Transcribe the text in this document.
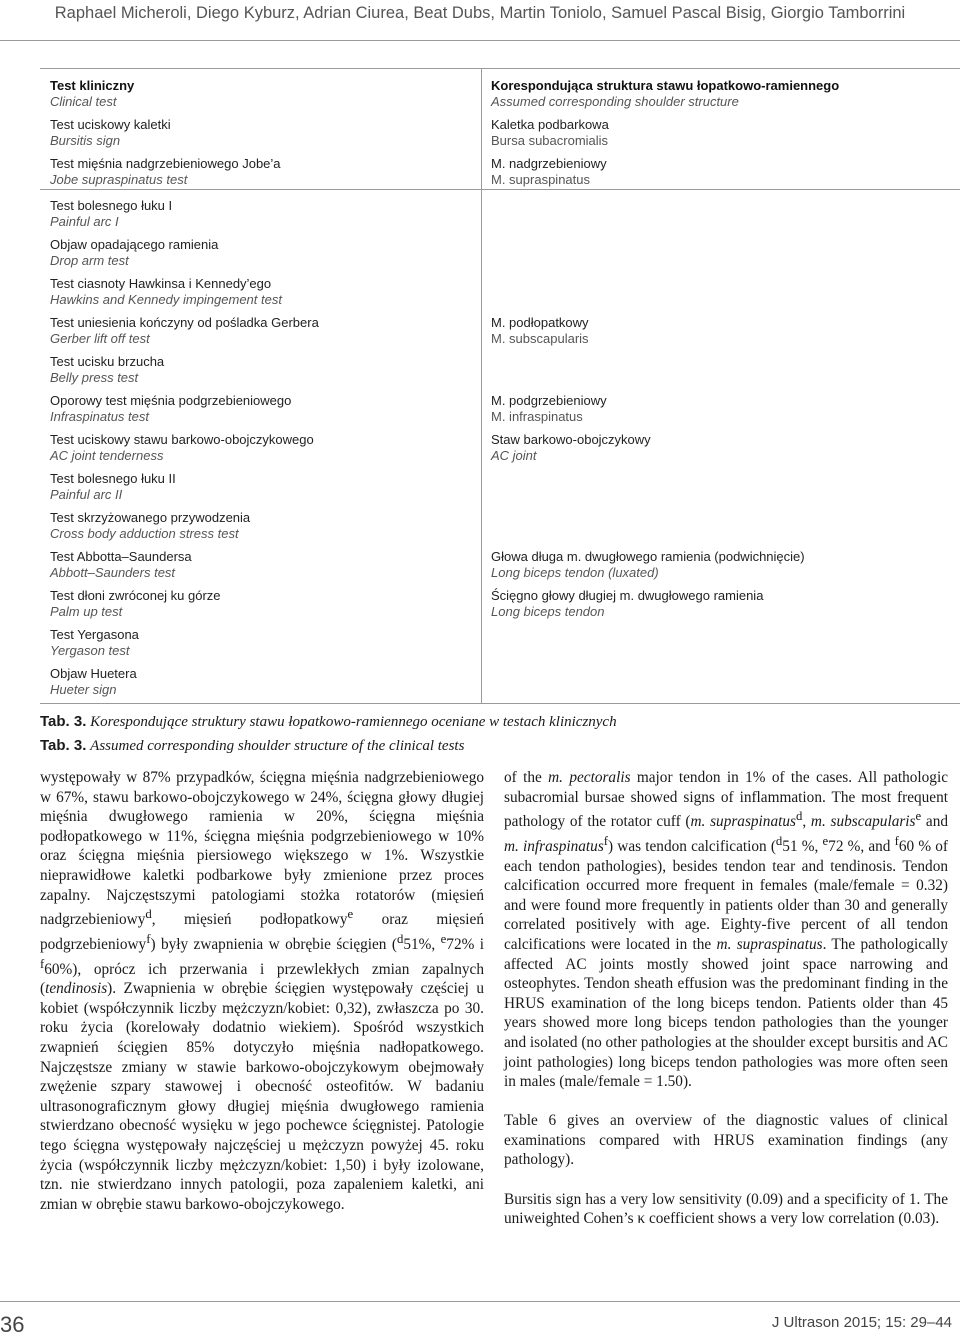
Raphael Micheroli, Diego Kyburz, Adrian Ciurea, Beat Dubs, Martin Toniolo, Samuel Pascal Bisig, Giorgio Tamborrini
Test kliniczny
Clinical test
Korespondująca struktura stawu łopatkowo-ramiennego
Assumed corresponding shoulder structure
Test uciskowy kaletki
Bursitis sign
Kaletka podbarkowa
Bursa subacromialis
Test mięśnia nadgrzebieniowego Jobe’a
Jobe supraspinatus test
M. nadgrzebieniowy
M. supraspinatus
Test bolesnego łuku I
Painful arc I
Objaw opadającego ramienia
Drop arm test
Test ciasnoty Hawkinsa i Kennedy’ego
Hawkins and Kennedy impingement test
Test uniesienia kończyny od pośladka Gerbera
Gerber lift off test
M. podłopatkowy
M. subscapularis
Test ucisku brzucha
Belly press test
Oporowy test mięśnia podgrzebieniowego
Infraspinatus test
M. podgrzebieniowy
M. infraspinatus
Test uciskowy stawu barkowo-obojczykowego
AC joint tenderness
Staw barkowo-obojczykowy
AC joint
Test bolesnego łuku II
Painful arc II
Test skrzyżowanego przywodzenia
Cross body adduction stress test
Test Abbotta–Saundersa
Abbott–Saunders test
Głowa długa m. dwugłowego ramienia (podwichnięcie)
Long biceps tendon (luxated)
Test dłoni zwróconej ku górze
Palm up test
Ścięgno głowy długiej m. dwugłowego ramienia
Long biceps tendon
Test Yergasona
Yergason test
Objaw Huetera
Hueter sign
Tab. 3. Korespondujące struktury stawu łopatkowo-ramiennego oceniane w testach klinicznych
Tab. 3. Assumed corresponding shoulder structure of the clinical tests

występowały w 87% przypadków, ścięgna mięśnia nadgrzebieniowego w 67%, stawu barkowo-obojczykowego w 24%, ścięgna głowy długiej mięśnia dwugłowego ramienia w 20%, ścięgna mięśnia podłopatkowego w 11%, ścięgna mięśnia podgrzebieniowego w 10% oraz ścięgna mięśnia piersiowego większego w 1%. Wszystkie nieprawidłowe kaletki podbarkowe były zmienione przez proces zapalny. Najczęstszymi patologiami stożka rotatorów (mięsień nadgrzebieniowy$^d$, mięsień podłopatkowy$^e$ oraz mięsień podgrzebieniowy$^f$) były zwapnienia w obrębie ścięgien ($^d$51%, $^e$72% i $^f$60%), oprócz ich przerwania i przewlekłych zmian zapalnych (tendinosis). Zwapnienia w obrębie ścięgien występowały częściej u kobiet (współczynnik liczby mężczyzn/kobiet: 0,32), zwłaszcza po 30. roku życia (korelowały dodatnio wiekiem). Spośród wszystkich zwapnień ścięgien 85% dotyczyło mięśnia nadłopatkowego. Najczęstsze zmiany w stawie barkowo-obojczykowym obejmowały zwężenie szpary stawowej i obecność osteofitów. W badaniu ultrasonograficznym głowy długiej mięśnia dwugłowego ramienia stwierdzano obecność wysięku w jego pochewce ścięgnistej. Patologie tego ścięgna występowały najczęściej u mężczyzn powyżej 45. roku życia (współczynnik liczby mężczyzn/kobiet: 1,50) i były izolowane, tzn. nie stwierdzano innych patologii, poza zapaleniem kaletki, ani zmian w obrębie stawu barkowo-obojczykowego.

of the m. pectoralis major tendon in 1% of the cases. All pathologic subacromial bursae showed signs of inflammation. The most frequent pathology of the rotator cuff (m. supraspinatus$^d$, m. subscapularis$^e$ and m. infraspinatus$^f$) was tendon calcification ($^d$51 %, $^e$72 %, and $^f$60 % of each tendon pathologies), besides tendon tear and tendinosis. Tendon calcification occurred more frequent in females (male/female = 0.32) and were found more frequently in patients older than 30 and generally correlated positively with age. Eighty-five percent of all tendon calcifications were located in the m. supraspinatus. The pathologically affected AC joints mostly showed joint space narrowing and osteophytes. Tendon sheath effusion was the predominant finding in the HRUS examination of the long biceps tendon. Patients older than 45 years showed more long biceps tendon pathologies than the younger and isolated (no other pathologies at the shoulder except bursitis and AC joint pathologies) long biceps tendon pathologies was more often seen in males (male/female = 1.50).

Table 6 gives an overview of the diagnostic values of clinical examinations compared with HRUS examination findings (any pathology).

Bursitis sign has a very low sensitivity (0.09) and a specificity of 1. The uniweighted Cohen’s κ coefficient shows a very low correlation (0.03).

36	J Ultrason 2015; 15: 29–44
